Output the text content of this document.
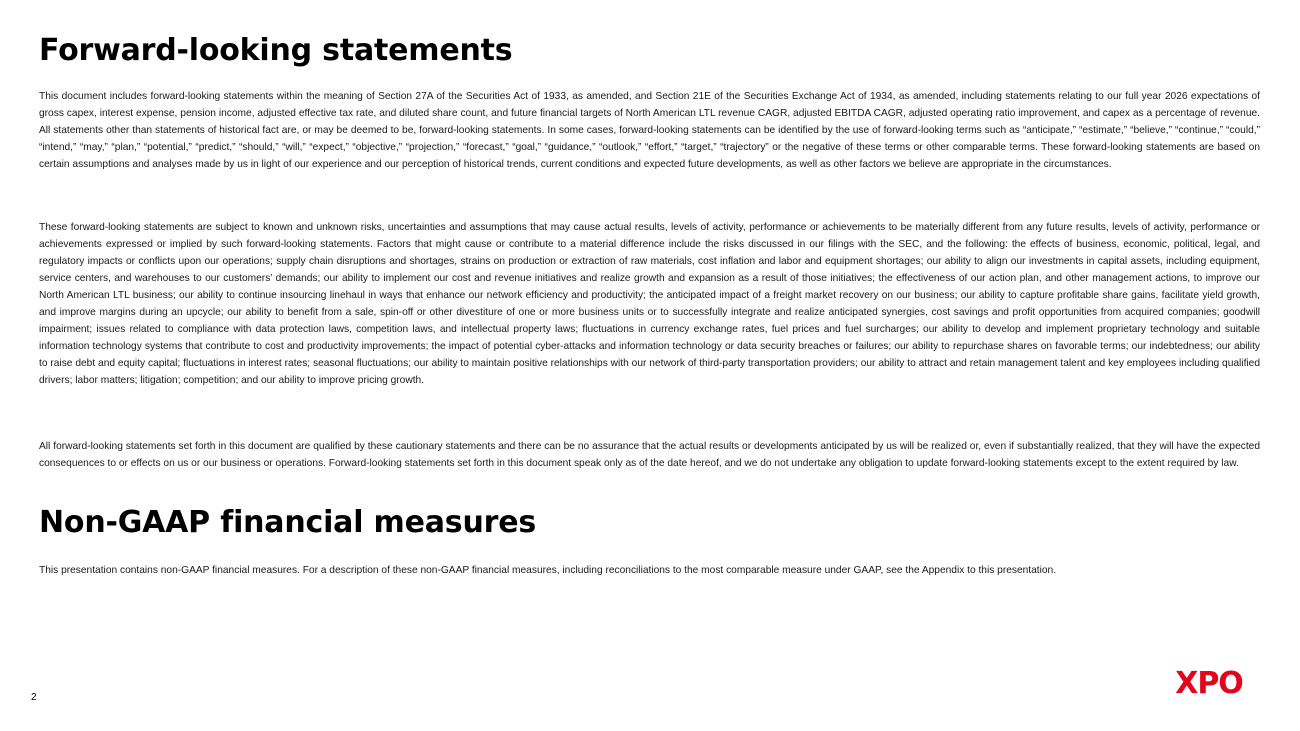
Forward-looking statements

This document includes forward-looking statements within the meaning of Section 27A of the Securities Act of 1933, as amended, and Section 21E of the Securities Exchange Act of 1934, as amended, including statements relating to our full year 2026 expectations of gross capex, interest expense, pension income, adjusted effective tax rate, and diluted share count, and future financial targets of North American LTL revenue CAGR, adjusted EBITDA CAGR, adjusted operating ratio improvement, and capex as a percentage of revenue. All statements other than statements of historical fact are, or may be deemed to be, forward-looking statements. In some cases, forward-looking statements can be identified by the use of forward-looking terms such as “anticipate,” “estimate,” “believe,” “continue,” “could,” “intend,” “may,” “plan,” “potential,” “predict,” “should,” “will,” “expect,” “objective,” “projection,” “forecast,” “goal,” “guidance,” “outlook,” “effort,” “target,” “trajectory” or the negative of these terms or other comparable terms. These forward-looking statements are based on certain assumptions and analyses made by us in light of our experience and our perception of historical trends, current conditions and expected future developments, as well as other factors we believe are appropriate in the circumstances.

These forward-looking statements are subject to known and unknown risks, uncertainties and assumptions that may cause actual results, levels of activity, performance or achievements to be materially different from any future results, levels of activity, performance or achievements expressed or implied by such forward-looking statements. Factors that might cause or contribute to a material difference include the risks discussed in our filings with the SEC, and the following: the effects of business, economic, political, legal, and regulatory impacts or conflicts upon our operations; supply chain disruptions and shortages, strains on production or extraction of raw materials, cost inflation and labor and equipment shortages; our ability to align our investments in capital assets, including equipment, service centers, and warehouses to our customers’ demands; our ability to implement our cost and revenue initiatives and realize growth and expansion as a result of those initiatives; the effectiveness of our action plan, and other management actions, to improve our North American LTL business; our ability to continue insourcing linehaul in ways that enhance our network efficiency and productivity; the anticipated impact of a freight market recovery on our business; our ability to capture profitable share gains, facilitate yield growth, and improve margins during an upcycle; our ability to benefit from a sale, spin-off or other divestiture of one or more business units or to successfully integrate and realize anticipated synergies, cost savings and profit opportunities from acquired companies; goodwill impairment; issues related to compliance with data protection laws, competition laws, and intellectual property laws; fluctuations in currency exchange rates, fuel prices and fuel surcharges; our ability to develop and implement proprietary technology and suitable information technology systems that contribute to cost and productivity improvements; the impact of potential cyber-attacks and information technology or data security breaches or failures; our ability to repurchase shares on favorable terms; our indebtedness; our ability to raise debt and equity capital; fluctuations in interest rates; seasonal fluctuations; our ability to maintain positive relationships with our network of third-party transportation providers; our ability to attract and retain management talent and key employees including qualified drivers; labor matters; litigation; competition; and our ability to improve pricing growth.

All forward-looking statements set forth in this document are qualified by these cautionary statements and there can be no assurance that the actual results or developments anticipated by us will be realized or, even if substantially realized, that they will have the expected consequences to or effects on us or our business or operations. Forward-looking statements set forth in this document speak only as of the date hereof, and we do not undertake any obligation to update forward-looking statements except to the extent required by law.

Non-GAAP financial measures

This presentation contains non-GAAP financial measures. For a description of these non-GAAP financial measures, including reconciliations to the most comparable measure under GAAP, see the Appendix to this presentation.

2	XPO
